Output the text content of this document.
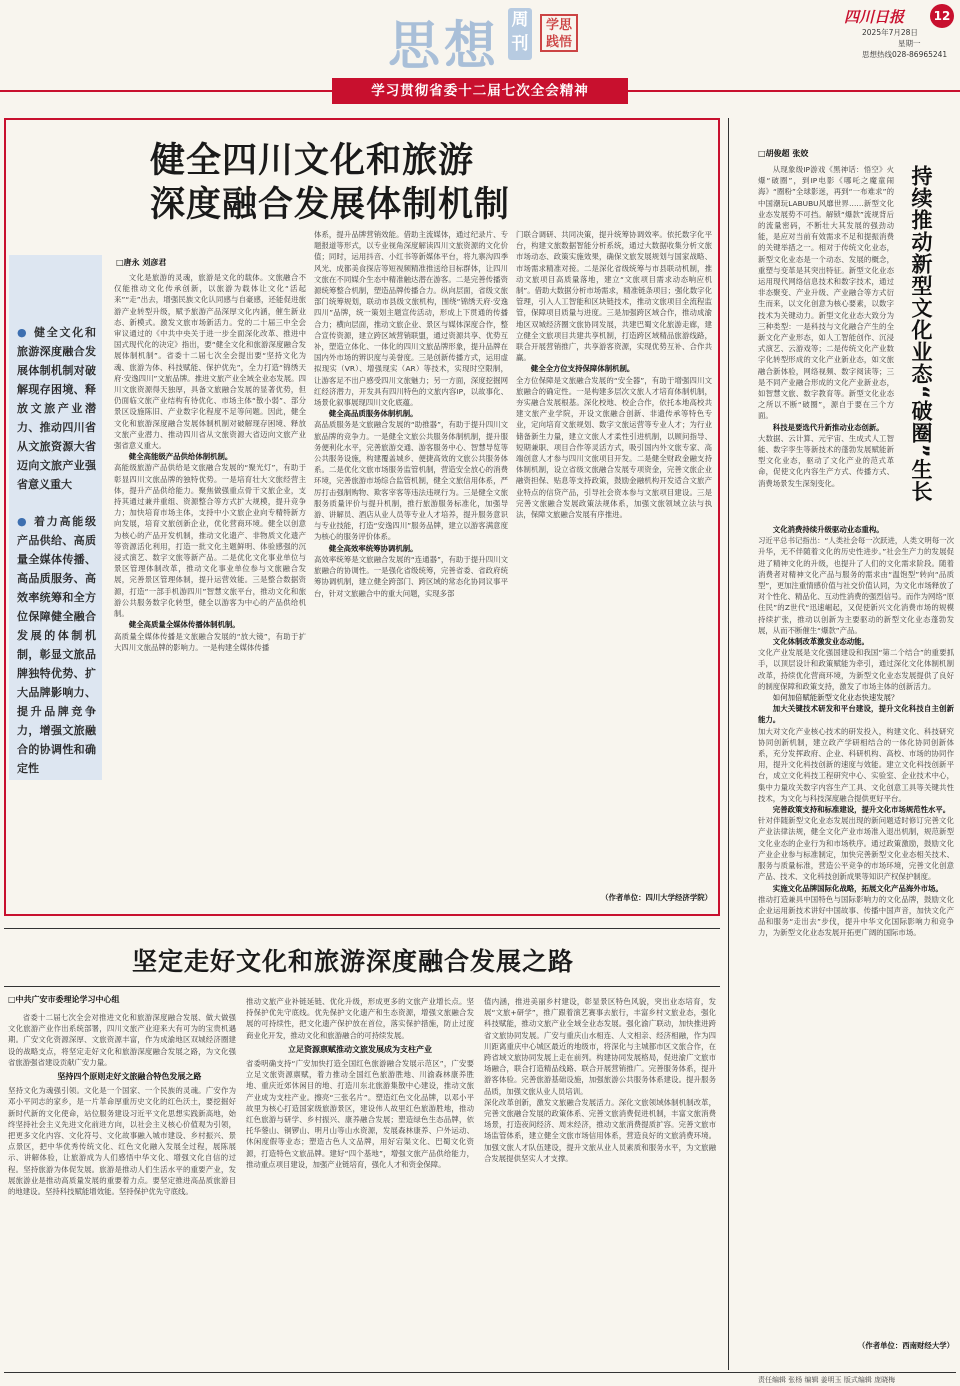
思想 周刊
学思践悟
四川日报	12
2025年7月28日
星期一
思想热线028-86965241
学习贯彻省委十二届七次全会精神
健全四川文化和旅游
深度融合发展体制机制
□唐永 刘彦君
● 健全文化和旅游深度融合发展体制机制对破解现存困境、释放文旅产业潜力、推动四川省从文旅资源大省迈向文旅产业强省意义重大
● 着力高能级产品供给、高质量全媒体传播、高品质服务、高效率统筹和全方位保障健全融合发展的体制机制，彰显文旅品牌独特优势、扩大品牌影响力、提升品牌竞争力，增强文旅融合的协调性和确定性
文化是旅游的灵魂，旅游是文化的载体。文旅融合不仅能推动文化传承创新，以旅游为载体让文化“活起来”“走”出去，增强民族文化认同感与自豪感，还能促进旅游产业转型升级，赋予旅游产品深厚文化内涵，催生新业态、新模式。激发文旅市场新活力。党的二十届三中全会审议通过的《中共中央关于进一步全面深化改革、推进中国式现代化的决定》指出，要“健全文化和旅游深度融合发展体制机制”。省委十二届七次全会提出要“坚持文化为魂、旅游为体、科技赋能、保护优先”，全力打造“锦绣天府·安逸四川”文旅品牌。推进文旅产业全域全业态发展。四川文旅资源得天独厚，具备文旅融合发展的显著优势，但仍面临文旅产业结构有待优化、市场主体“散小弱”、部分景区设施陈旧、产业数字化程度不足等问题。因此，健全文化和旅游深度融合发展体制机制对破解现存困境、释放文旅产业潜力、推动四川省从文旅资源大省迈向文旅产业强省意义重大。
健全高能级产品供给体制机制。
高能级旅游产品供给是文旅融合发展的“聚光灯”，有助于彰显四川文旅品牌的独特优势。一是培育壮大文旅经营主体，提升产品供给能力。聚焦做强重点骨干文旅企业，支持其通过兼并重组、资源整合等方式扩大规模，提升竞争力；加快培育市场主体，支持中小文旅企业向专精特新方向发展，培育文旅创新企业，优化营商环境。健全以创意为核心的产品开发机制，推动文化遗产、非物质文化遗产等资源活化利用，打造一批文化主题鲜明、体验感强的沉浸式演艺、数字文旅等新产品。二是优化文化事业单位与景区管理体制改革，推动文化事业单位参与文旅融合发展，完善景区管理体制，提升运营效能。三是整合数据资源，打造“一部手机游四川”智慧文旅平台，推动文化和旅游公共服务数字化转型，健全以游客为中心的产品供给机制。
健全高质量全媒体传播体制机制。
高质量全媒体传播是文旅融合发展的“放大镜”，有助于扩大四川文旅品牌的影响力。一是构建全媒体传播
体系，提升品牌营销效能。借助主流媒体，通过纪录片、专题报道等形式，以专业视角深度解读四川文旅资源的文化价值；同时，运用抖音、小红书等新媒体平台，将九寨沟四季风光、成都美食探店等短视频精准推送给目标群体，让四川文旅在不同媒介生态中精准触达潜在游客。二是完善传播资源统筹整合机制，塑造品牌传播合力。纵向层面，省级文旅部门统筹规划，联动市县级文旅机构，围绕“锦绣天府·安逸四川”品牌，统一策划主题宣传活动，形成上下贯通的传播合力；横向层面，推动文旅企业、景区与媒体深度合作，整合宣传资源，建立跨区域营销联盟，通过资源共享、优势互补，塑造立体化、一体化的四川文旅品牌形象，提升品牌在国内外市场的辨识度与美誉度。三是创新传播方式，运用虚拟现实（VR）、增强现实（AR）等技术，实现时空限制，让游客足不出户感受四川文旅魅力；另一方面，深度挖掘网红经济潜力，开发具有四川特色的文旅内容IP，以故事化、场景化叙事展现四川文化底蕴。
健全高品质服务体制机制。
高品质服务是文旅融合发展的“助推器”，有助于提升四川文旅品牌的竞争力。一是健全文旅公共服务体制机制，提升服务便利化水平，完善旅游交通、游客服务中心、智慧导览等公共服务设施，构建覆盖城乡、便捷高效的文旅公共服务体系。二是优化文旅市场服务监管机制，营造安全放心的消费环境，完善旅游市场综合监管机制，健全文旅信用体系，严厉打击强制购物、欺客宰客等违法违规行为。三是健全文旅服务质量评价与提升机制，推行旅游服务标准化，加强导游、讲解员、酒店从业人员等专业人才培养，提升服务意识与专业技能，打造“安逸四川”服务品牌，建立以游客满意度为核心的服务评价体系。
健全高效率统筹协调机制。
高效率统筹是文旅融合发展的“连通器”，有助于提升四川文旅融合的协调性。一是强化省级统筹，完善省委、省政府统筹协调机制，建立健全跨部门、跨区域的常态化协同议事平台，针对文旅融合中的重大问题，实现多部
门联合调研、共同决策，提升统筹协调效率。依托数字化平台，构建文旅数据智能分析系统，通过大数据收集分析文旅市场动态、政策实施效果，确保文旅发展规划与国家战略、市场需求精准对接。二是深化省级统筹与市县联动机制，推动文旅项目高质量落地，建立“文旅项目需求动态响应机制”。借助大数据分析市场需求，精准链条项目；强化数字化管理，引入人工智能和区块链技术，推动文旅项目全流程监管，保障项目质量与进度。三是加强跨区域合作，推动成渝地区双城经济圈文旅协同发展，共建巴蜀文化旅游走廊，建立健全文旅项目共建共享机制，打造跨区域精品旅游线路，联合开展营销推广，共享游客资源，实现优势互补、合作共赢。
健全全方位支持保障体制机制。
全方位保障是文旅融合发展的“安全器”，有助于增强四川文旅融合的确定性。一是构建多层次文旅人才培育体制机制，夯实融合发展根基。深化校地、校企合作，依托本地高校共建文旅产业学院，开设文旅融合创新、非遗传承等特色专业，定向培育文旅规划、数字文旅运营等专业人才；为行业储备新生力量，建立文旅人才柔性引进机制，以顾问指导、短期兼职、项目合作等灵活方式，吸引国内外文旅专家、高端创意人才参与四川文旅项目开发。二是健全财政金融支持体制机制，设立省级文旅融合发展专项资金，完善文旅企业融资担保、贴息等支持政策，鼓励金融机构开发适合文旅产业特点的信贷产品，引导社会资本参与文旅项目建设。三是完善文旅融合发展政策法规体系，加强文旅领域立法与执法，保障文旅融合发展有序推进。
（作者单位：四川大学经济学院）
坚定走好文化和旅游深度融合发展之路
□中共广安市委理论学习中心组
省委十二届七次全会对推进文化和旅游深度融合发展、做大做强文化旅游产业作出系统部署，四川文旅产业迎来大有可为的宝贵机遇期。广安文化资源深厚、文旅资源丰富，作为成渝地区双城经济圈建设的战略支点，将坚定走好文化和旅游深度融合发展之路，为文化强省旅游强省建设贡献广安力量。
坚持四个原则走好文旅融合特色发展之路
坚持文化为魂强引领。文化是一个国家、一个民族的灵魂。广安作为邓小平同志的家乡，是一片革命厚重历史文化的红色沃土，要挖掘好新时代新的文化使命，站位服务建设习近平文化思想实践新高地，始终坚持社会主义先进文化前进方向，以社会主义核心价值观为引领，把更多文化内容、文化符号、文化故事融入城市建设、乡村振兴、景点景区，把中华优秀传统文化、红色文化融入发展全过程，展陈展示、讲解体验，让旅游成为人们感悟中华文化、增强文化自信的过程。坚持旅游为体促发展。旅游是推动人们生活水平的重要产业，发展旅游业是推动高质量发展的重要着力点。要坚定推进高品质旅游目的地建设。坚持科技赋能增效能。坚持保护优先守底线。
推动文旅产业补链延链、优化升级，形成更多的文旅产业增长点。坚持保护优先守底线。优先保护文化遗产和生态资源，增强文旅融合发展的可持续性，把文化遗产保护放在首位，落实保护措施，防止过度商业化开发，推动文化和旅游融合的可持续发展。
立足资源禀赋推动文旅发展成为支柱产业
省委明确支持“广安加快打造全国红色旅游融合发展示范区”，广安要立足文旅资源禀赋，着力推动全国红色旅游胜地、川渝森林康养胜地、重庆近郊休闲目的地、打造川东北旅游集散中心建设，推动文旅产业成为支柱产业。擦亮“三张名片”。塑造红色文化品牌，以邓小平故里为核心打造国家级旅游景区，建设伟人故里红色旅游胜地，推动红色旅游与研学、乡村振兴、康养融合发展；塑造绿色生态品牌，依托华蓥山、铜锣山、明月山等山水资源，发展森林康养、户外运动、休闲度假等业态；塑造古色人文品牌，用好宕渠文化、巴蜀文化资源，打造特色文旅品牌。建好“四个基地”，增强文旅产品供给能力，推动重点项目建设，加强产业链培育，强化人才和资金保障。
值内涵，推进美丽乡村建设，彰显景区特色风貌，突出业态培育，发展“文旅+研学”，推广跟着演艺赛事去旅行，丰富乡村文旅业态，强化科技赋能，推动文旅产业全域全业态发展。强化渝广联动，加快推进跨省文旅协同发展。广安与重庆山水相连、人文相亲、经济相融，作为四川距离重庆中心城区最近的地级市，将深化与主城都市区文旅合作，在跨省域文旅协同发展上走在前列。构建协同发展格局，促进渝广文旅市场融合，联合打造精品线路、联合开展营销推广。完善服务体系，提升游客体验。完善旅游基础设施，加强旅游公共服务体系建设。提升服务品质，加强文旅从业人员培训。
深化改革创新，激发文旅融合发展活力。深化文旅领域体制机制改革，完善文旅融合发展的政策体系、完善文旅消费促进机制，丰富文旅消费场景，打造夜间经济、周末经济，推动文旅消费提质扩容。完善文旅市场监管体系，建立健全文旅市场信用体系，营造良好的文旅消费环境。加强文旅人才队伍建设，提升文旅从业人员素质和服务水平，为文旅融合发展提供坚实人才支撑。
□胡俊超 张姣
持续推动新型文化业态“破圈”生长
从现象级IP游戏《黑神话：悟空》火爆“破圈”，到IP电影《哪吒之魔童闹海》“圈粉”全球影迷，再到“一布难求”的中国潮玩LABUBU风靡世界……新型文化业态发展势不可挡。解锁“爆款”流规背后的流量密码，不断壮大其发展的强劲动能，是应对当前有效需求不足和提振消费的关键举措之一。相对于传统文化业态，新型文化业态是一个动态、发展的概念，重塑与变革是其突出特征。新型文化业态运用现代网络信息技术和数字技术，通过非态聚变、产业升级、产业融合等方式衍生而来，以文化创意为核心要素，以数字技术为关键动力。新型文化业态大致分为三种类型：一是科技与文化融合产生的全新文化产业形态，如人工智能创作、沉浸式演艺、云游戏等；二是传统文化产业数字化转型形成的文化产业新业态，如文旅融合新体验，网络视频、数字阅读等；三是不同产业融合形成的文化产业新业态，如智慧文旅、数字教育等。新型文化业态之所以不断“破圈”，源自于要在三个方面。
科技是要选代升新推动业态创新。
大数据、云计算、元宇宙、生成式人工智能、数字孪生等新技术的蓬勃发展赋能新型文化业态，驱动了文化产业的范式革命，促使文化内容生产方式、传播方式、消费场景发生深刻变化。
文化消费持续升级驱动业态重构。
习近平总书记指出：“人类社会每一次跃进，人类文明每一次升华，无不伴随着文化的历史性进步。”社会生产力的发展促进了精神文化的升级，也提升了人们的文化需求阶段。随着消费者对精神文化产品与服务的需求由“温饱型”转向“品质型”，更加注重情感价值与社交价值认同，为文化市场释放了对个性化、精品化、互动性消费的强烈信号。而作为网络“原住民”的Z世代“迅速崛起，又促使新兴文化消费市场的规模持续扩张，推动以创新为主要驱动的新型文化业态蓬勃发展，从而不断催生“爆款”产品。
文化体制改革激发业态动能。
文化产业发展是文化强国建设和我国“第二个结合”的重要抓手，以顶层设计和政策赋能为牵引，通过深化文化体制机制改革，持续优化营商环境，为新型文化业态发展提供了良好的制度保障和政策支持，激发了市场主体的创新活力。
如何加倍赋能新型文化业态快速发展？
加大关键技术研发和平台建设，提升文化科技自主创新能力。
加大对文化产业核心技术的研发投入，构建文化、科技研究协同创新机制，建立政产学研相结合的一体化协同创新体系，充分发挥政府、企业、科研机构、高校、市场的协同作用，提升文化科技创新的速度与效能。建立文化科技创新平台，成立文化科技工程研究中心、实验室、企业技术中心，集中力量攻关数字内容生产工具、文化创意工具等关键共性技术，为文化与科技深度融合提供更好平台。
完善政策支持和标准建设，提升文化市场规范性水平。
针对伴随新型文化业态发展出现的新问题适时修订完善文化产业法律法规，健全文化产业市场准入退出机制，规范新型文化业态的企业行为和市场秩序。通过政策激励，鼓励文化产业企业参与标准制定，加快完善新型文化业态相关技术、服务与质量标准，营造公平竞争的市场环境，完善文化创意产品、技术、文化科技创新成果等知识产权保护制度。
实施文化品牌国际化战略，拓展文化产品海外市场。
推动打造兼具中国特色与国际影响力的文化品牌，鼓励文化企业运用新技术讲好中国故事、传播中国声音，加快文化产品和服务“走出去”步伐，提升中华文化国际影响力和竞争力，为新型文化业态发展开拓更广阔的国际市场。
（作者单位：西南财经大学）
责任编辑 张杨 编辑 姜明玉 版式编辑 庞晓梅
